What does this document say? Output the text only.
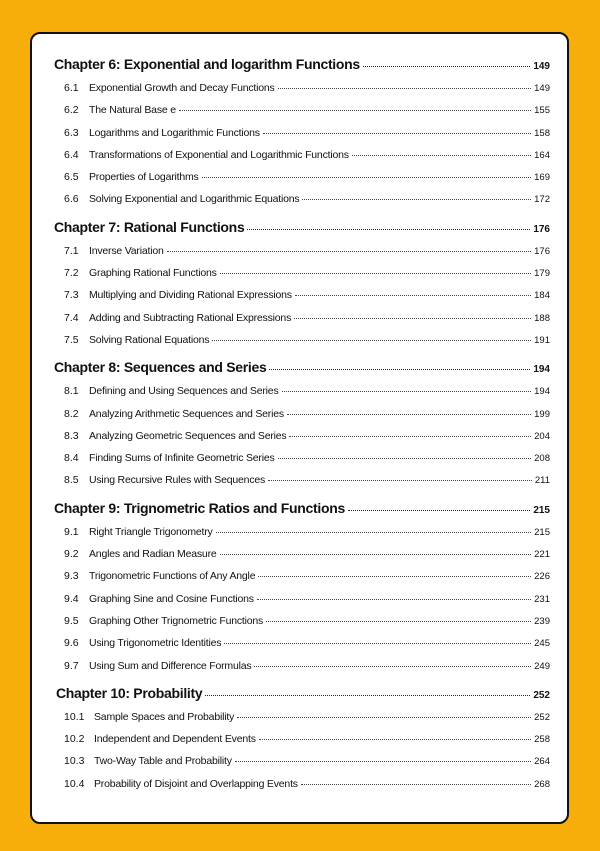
Chapter 6: Exponential and logarithm Functions	149
6.1 Exponential Growth and Decay Functions	149
6.2 The Natural Base e	155
6.3 Logarithms and Logarithmic Functions	158
6.4 Transformations of Exponential and Logarithmic Functions	164
6.5 Properties of Logarithms	169
6.6 Solving Exponential and Logarithmic Equations	172
Chapter 7: Rational Functions	176
7.1 Inverse Variation	176
7.2 Graphing Rational Functions	179
7.3 Multiplying and Dividing Rational Expressions	184
7.4 Adding and Subtracting Rational Expressions	188
7.5 Solving Rational Equations	191
Chapter 8: Sequences and Series	194
8.1 Defining and Using Sequences and Series	194
8.2 Analyzing Arithmetic Sequences and Series	199
8.3 Analyzing Geometric Sequences and Series	204
8.4 Finding Sums of Infinite Geometric Series	208
8.5 Using Recursive Rules with Sequences	211
Chapter 9: Trignometric Ratios and Functions	215
9.1 Right Triangle Trigonometry	215
9.2 Angles and Radian Measure	221
9.3 Trigonometric Functions of Any Angle	226
9.4 Graphing Sine and Cosine Functions	231
9.5 Graphing Other Trignometric Functions	239
9.6 Using Trigonometric Identities	245
9.7 Using Sum and Difference Formulas	249
Chapter 10: Probability	252
10.1 Sample Spaces and Probability	252
10.2 Independent and Dependent Events	258
10.3 Two-Way Table and Probability	264
10.4 Probability of Disjoint and Overlapping Events	268
